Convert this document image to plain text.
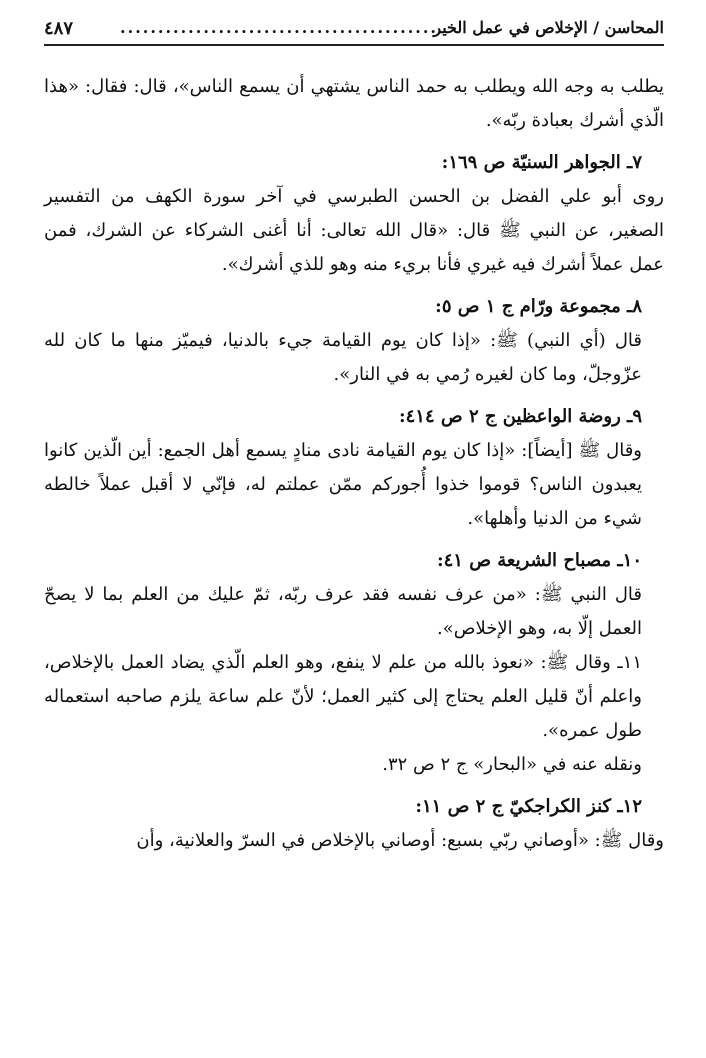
المحاسن / الإخلاص في عمل الخير
..........................................
٤٨٧

يطلب به وجه الله ويطلب به حمد الناس يشتهي أن يسمع الناس»، قال: فقال: «هذا الّذي أشرك بعبادة ربّه».

٧ـ الجواهر السنيّة ص ١٦٩:

روى أبو علي الفضل بن الحسن الطبرسي في آخر سورة الكهف من التفسير الصغير، عن النبي ﷺ قال: «قال الله تعالى: أنا أغنى الشركاء عن الشرك، فمن عمل عملاً أشرك فيه غيري فأنا بريء منه وهو للذي أشرك».

٨ـ مجموعة ورّام ج ١ ص ٥:

قال (أي النبي) ﷺ: «إذا كان يوم القيامة جيء بالدنيا، فيميّز منها ما كان لله عزّوجلّ، وما كان لغيره رُمي به في النار».

٩ـ روضة الواعظين ج ٢ ص ٤١٤:

وقال ﷺ [أيضاً]: «إذا كان يوم القيامة نادى منادٍ يسمع أهل الجمع: أين الّذين كانوا يعبدون الناس؟ قوموا خذوا أُجوركم ممّن عملتم له، فإنّي لا أقبل عملاً خالطه شيء من الدنيا وأهلها».

١٠ـ مصباح الشريعة ص ٤١:

قال النبي ﷺ: «من عرف نفسه فقد عرف ربّه، ثمّ عليك من العلم بما لا يصحّ العمل إلّا به، وهو الإخلاص».

١١ـ وقال ﷺ: «نعوذ بالله من علم لا ينفع، وهو العلم الّذي يضاد العمل بالإخلاص، واعلم أنّ قليل العلم يحتاج إلى كثير العمل؛ لأنّ علم ساعة يلزم صاحبه استعماله طول عمره».

ونقله عنه في «البحار» ج ٢ ص ٣٢.

١٢ـ كنز الكراجكيّ ج ٢ ص ١١:

وقال ﷺ: «أوصاني ربّي بسبع: أوصاني بالإخلاص في السرّ والعلانية، وأن
